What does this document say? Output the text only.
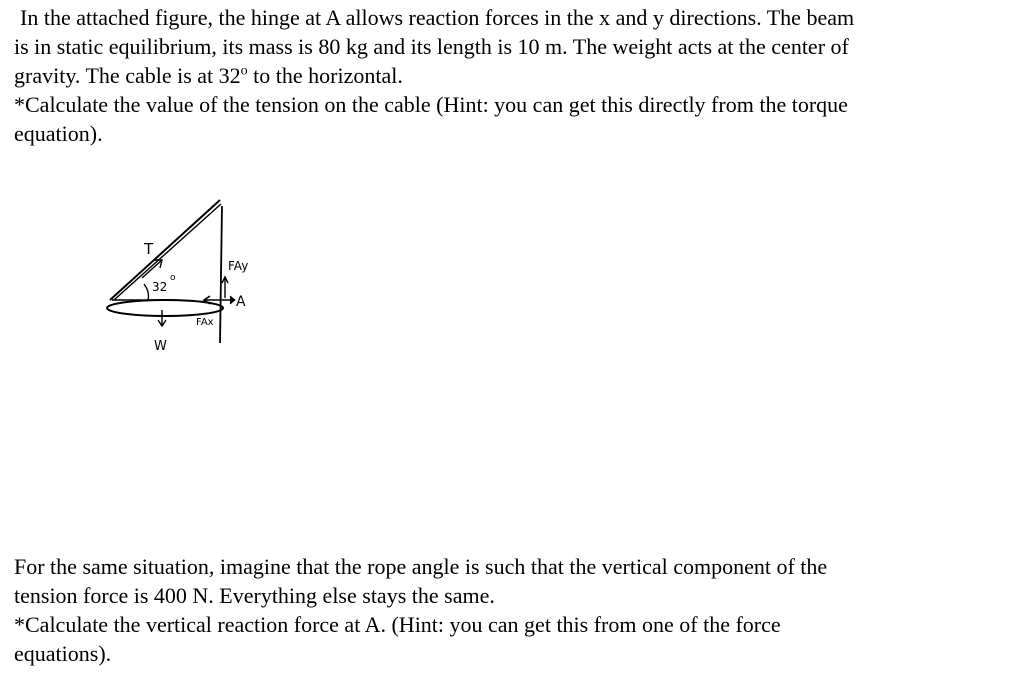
In the attached figure, the hinge at A allows reaction forces in the x and y directions. The beam
is in static equilibrium, its mass is 80 kg and its length is 10 m. The weight acts at the center of
gravity. The cable is at 32$^o$ to the horizontal.
*Calculate the value of the tension on the cable (Hint: you can get this directly from the torque
equation).
T
32
o
FAy
A
FAx
W
For the same situation, imagine that the rope angle is such that the vertical component of the
tension force is 400 N. Everything else stays the same.
*Calculate the vertical reaction force at A. (Hint: you can get this from one of the force
equations).
